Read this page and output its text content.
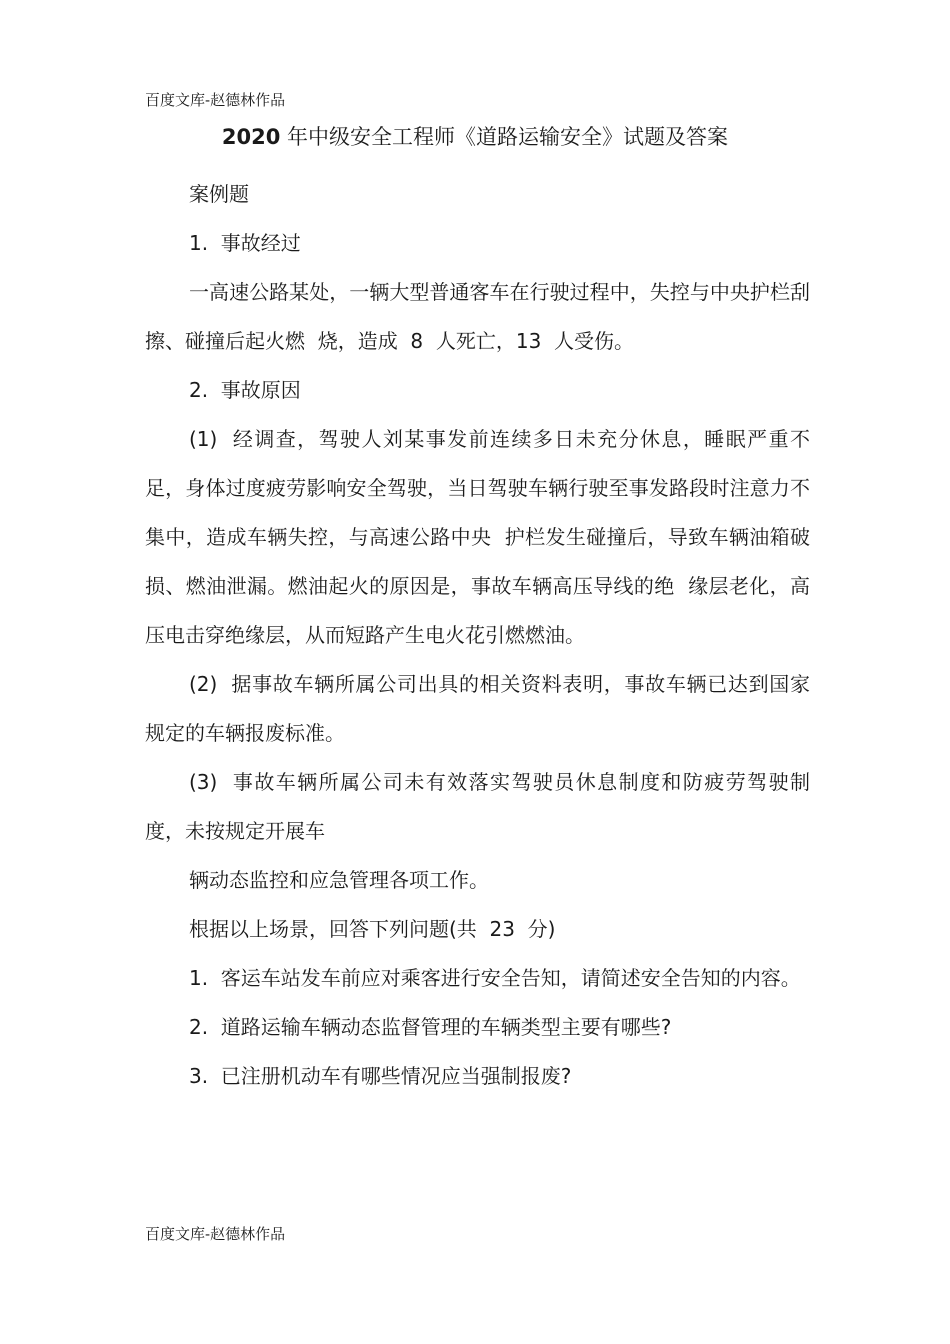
百度文库-赵德林作品
2020 年中级安全工程师《道路运输安全》试题及答案

案例题

1.  事故经过

一高速公路某处，一辆大型普通客车在行驶过程中，失控与中央护栏刮擦、碰撞后起火燃  烧，造成  8  人死亡，13  人受伤。

2.  事故原因

(1)  经调查，驾驶人刘某事发前连续多日未充分休息，睡眠严重不足，身体过度疲劳影响安全驾驶，当日驾驶车辆行驶至事发路段时注意力不集中，造成车辆失控，与高速公路中央  护栏发生碰撞后，导致车辆油箱破损、燃油泄漏。燃油起火的原因是，事故车辆高压导线的绝  缘层老化，高压电击穿绝缘层，从而短路产生电火花引燃燃油。

(2)  据事故车辆所属公司出具的相关资料表明，事故车辆已达到国家规定的车辆报废标准。

(3)  事故车辆所属公司未有效落实驾驶员休息制度和防疲劳驾驶制度，未按规定开展车

辆动态监控和应急管理各项工作。

根据以上场景，回答下列问题(共  23  分)

1.  客运车站发车前应对乘客进行安全告知，请简述安全告知的内容。

2.  道路运输车辆动态监督管理的车辆类型主要有哪些?

3.  已注册机动车有哪些情况应当强制报废?

百度文库-赵德林作品
